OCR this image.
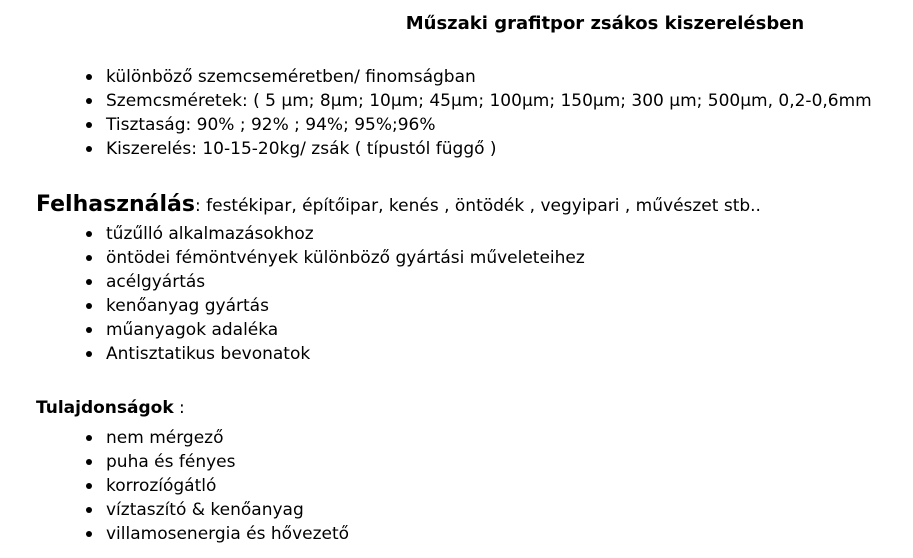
Műszaki grafitpor zsákos kiszerelésben
különböző szemcseméretben/ finomságban
Szemcsméretek: ( 5 μm; 8μm; 10μm; 45μm; 100μm; 150μm; 300 μm; 500μm, 0,2-0,6mm
Tisztaság: 90% ; 92% ; 94%; 95%;96%
Kiszerelés: 10-15-20kg/ zsák ( típustól függő )
Felhasználás: festékipar, építőipar, kenés , öntödék , vegyipari , művészet stb..
tűzűlló alkalmazásokhoz
öntödei fémöntvények különböző gyártási műveleteihez
acélgyártás
kenőanyag gyártás
műanyagok adaléka
Antisztatikus bevonatok
Tulajdonságok :
nem mérgező
puha és fényes
korrozíógátló
víztaszító & kenőanyag
villamosenergia és hővezető
